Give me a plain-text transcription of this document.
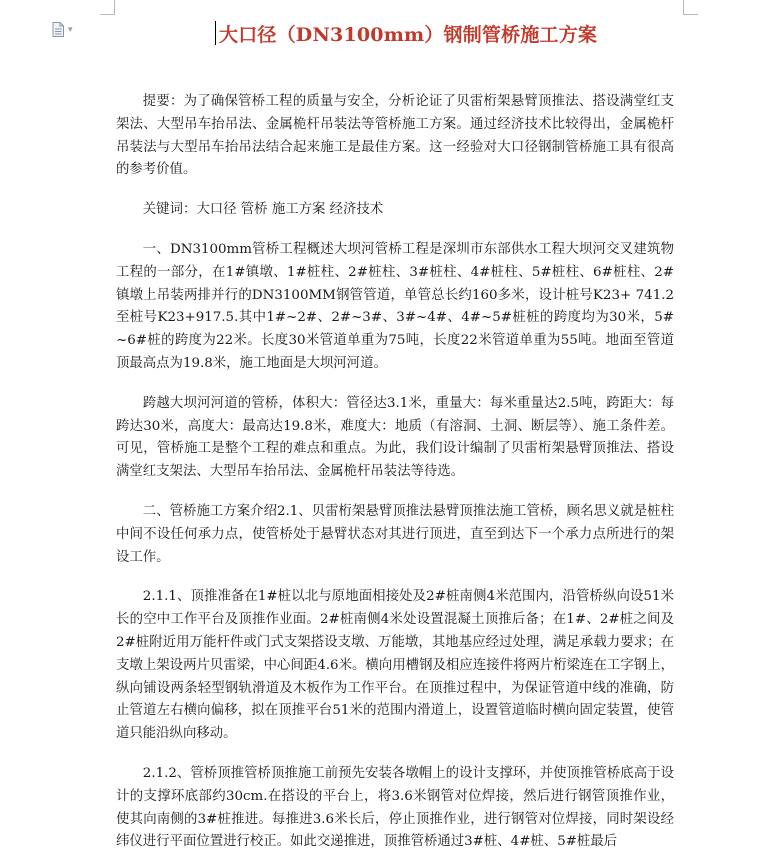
▾	大口径（DN3100mm）钢制管桥施工方案

提要：为了确保管桥工程的质量与安全，分析论证了贝雷桁架悬臂顶推法、搭设满堂红支架法、大型吊车抬吊法、金属桅杆吊装法等管桥施工方案。通过经济技术比较得出，金属桅杆吊装法与大型吊车抬吊法结合起来施工是最佳方案。这一经验对大口径钢制管桥施工具有很高的参考价值。

关键词：大口径 管桥 施工方案 经济技术

一、DN3100mm管桥工程概述大坝河管桥工程是深圳市东部供水工程大坝河交叉建筑物工程的一部分，在1#镇墩、1#桩柱、2#桩柱、3#桩柱、4#桩柱、5#桩柱、6#桩柱、2#镇墩上吊装两排并行的DN3100MM钢管管道，单管总长约160多米，设计桩号K23+ 741.2至桩号K23+917.5.其中1#~2#、2#~3#、3#~4#、4#~5#桩桩的跨度均为30米，5#~6#桩的跨度为22米。长度30米管道单重为75吨，长度22米管道单重为55吨。地面至管道顶最高点为19.8米，施工地面是大坝河河道。

跨越大坝河河道的管桥，体积大：管径达3.1米，重量大：每米重量达2.5吨，跨距大：每跨达30米，高度大：最高达19.8米，难度大：地质（有溶洞、土洞、断层等）、施工条件差。可见，管桥施工是整个工程的难点和重点。为此，我们设计编制了贝雷桁架悬臂顶推法、搭设满堂红支架法、大型吊车抬吊法、金属桅杆吊装法等待选。

二、管桥施工方案介绍2.1、贝雷桁架悬臂顶推法悬臂顶推法施工管桥，顾名思义就是桩柱中间不设任何承力点，使管桥处于悬臂状态对其进行顶进，直至到达下一个承力点所进行的架设工作。

2.1.1、顶推准备在1#桩以北与原地面相接处及2#桩南侧4米范围内，沿管桥纵向设51米长的空中工作平台及顶推作业面。2#桩南侧4米处设置混凝土顶推后备；在1#、2#桩之间及2#桩附近用万能杆件或门式支架搭设支墩、万能墩，其地基应经过处理，满足承载力要求；在支墩上架设两片贝雷梁，中心间距4.6米。横向用槽钢及相应连接件将两片桁梁连在工字钢上，纵向铺设两条轻型钢轨滑道及木板作为工作平台。在顶推过程中，为保证管道中线的准确，防止管道左右横向偏移，拟在顶推平台51米的范围内滑道上，设置管道临时横向固定装置，使管道只能沿纵向移动。

2.1.2、管桥顶推管桥顶推施工前预先安装各墩帽上的设计支撑环，并使顶推管桥底高于设计的支撑环底部约30cm.在搭设的平台上，将3.6米钢管对位焊接，然后进行钢管顶推作业，使其向南侧的3#桩推进。每推进3.6米长后，停止顶推作业，进行钢管对位焊接，同时架设经纬仪进行平面位置进行校正。如此交递推进，顶推管桥通过3#桩、4#桩、5#桩最后
